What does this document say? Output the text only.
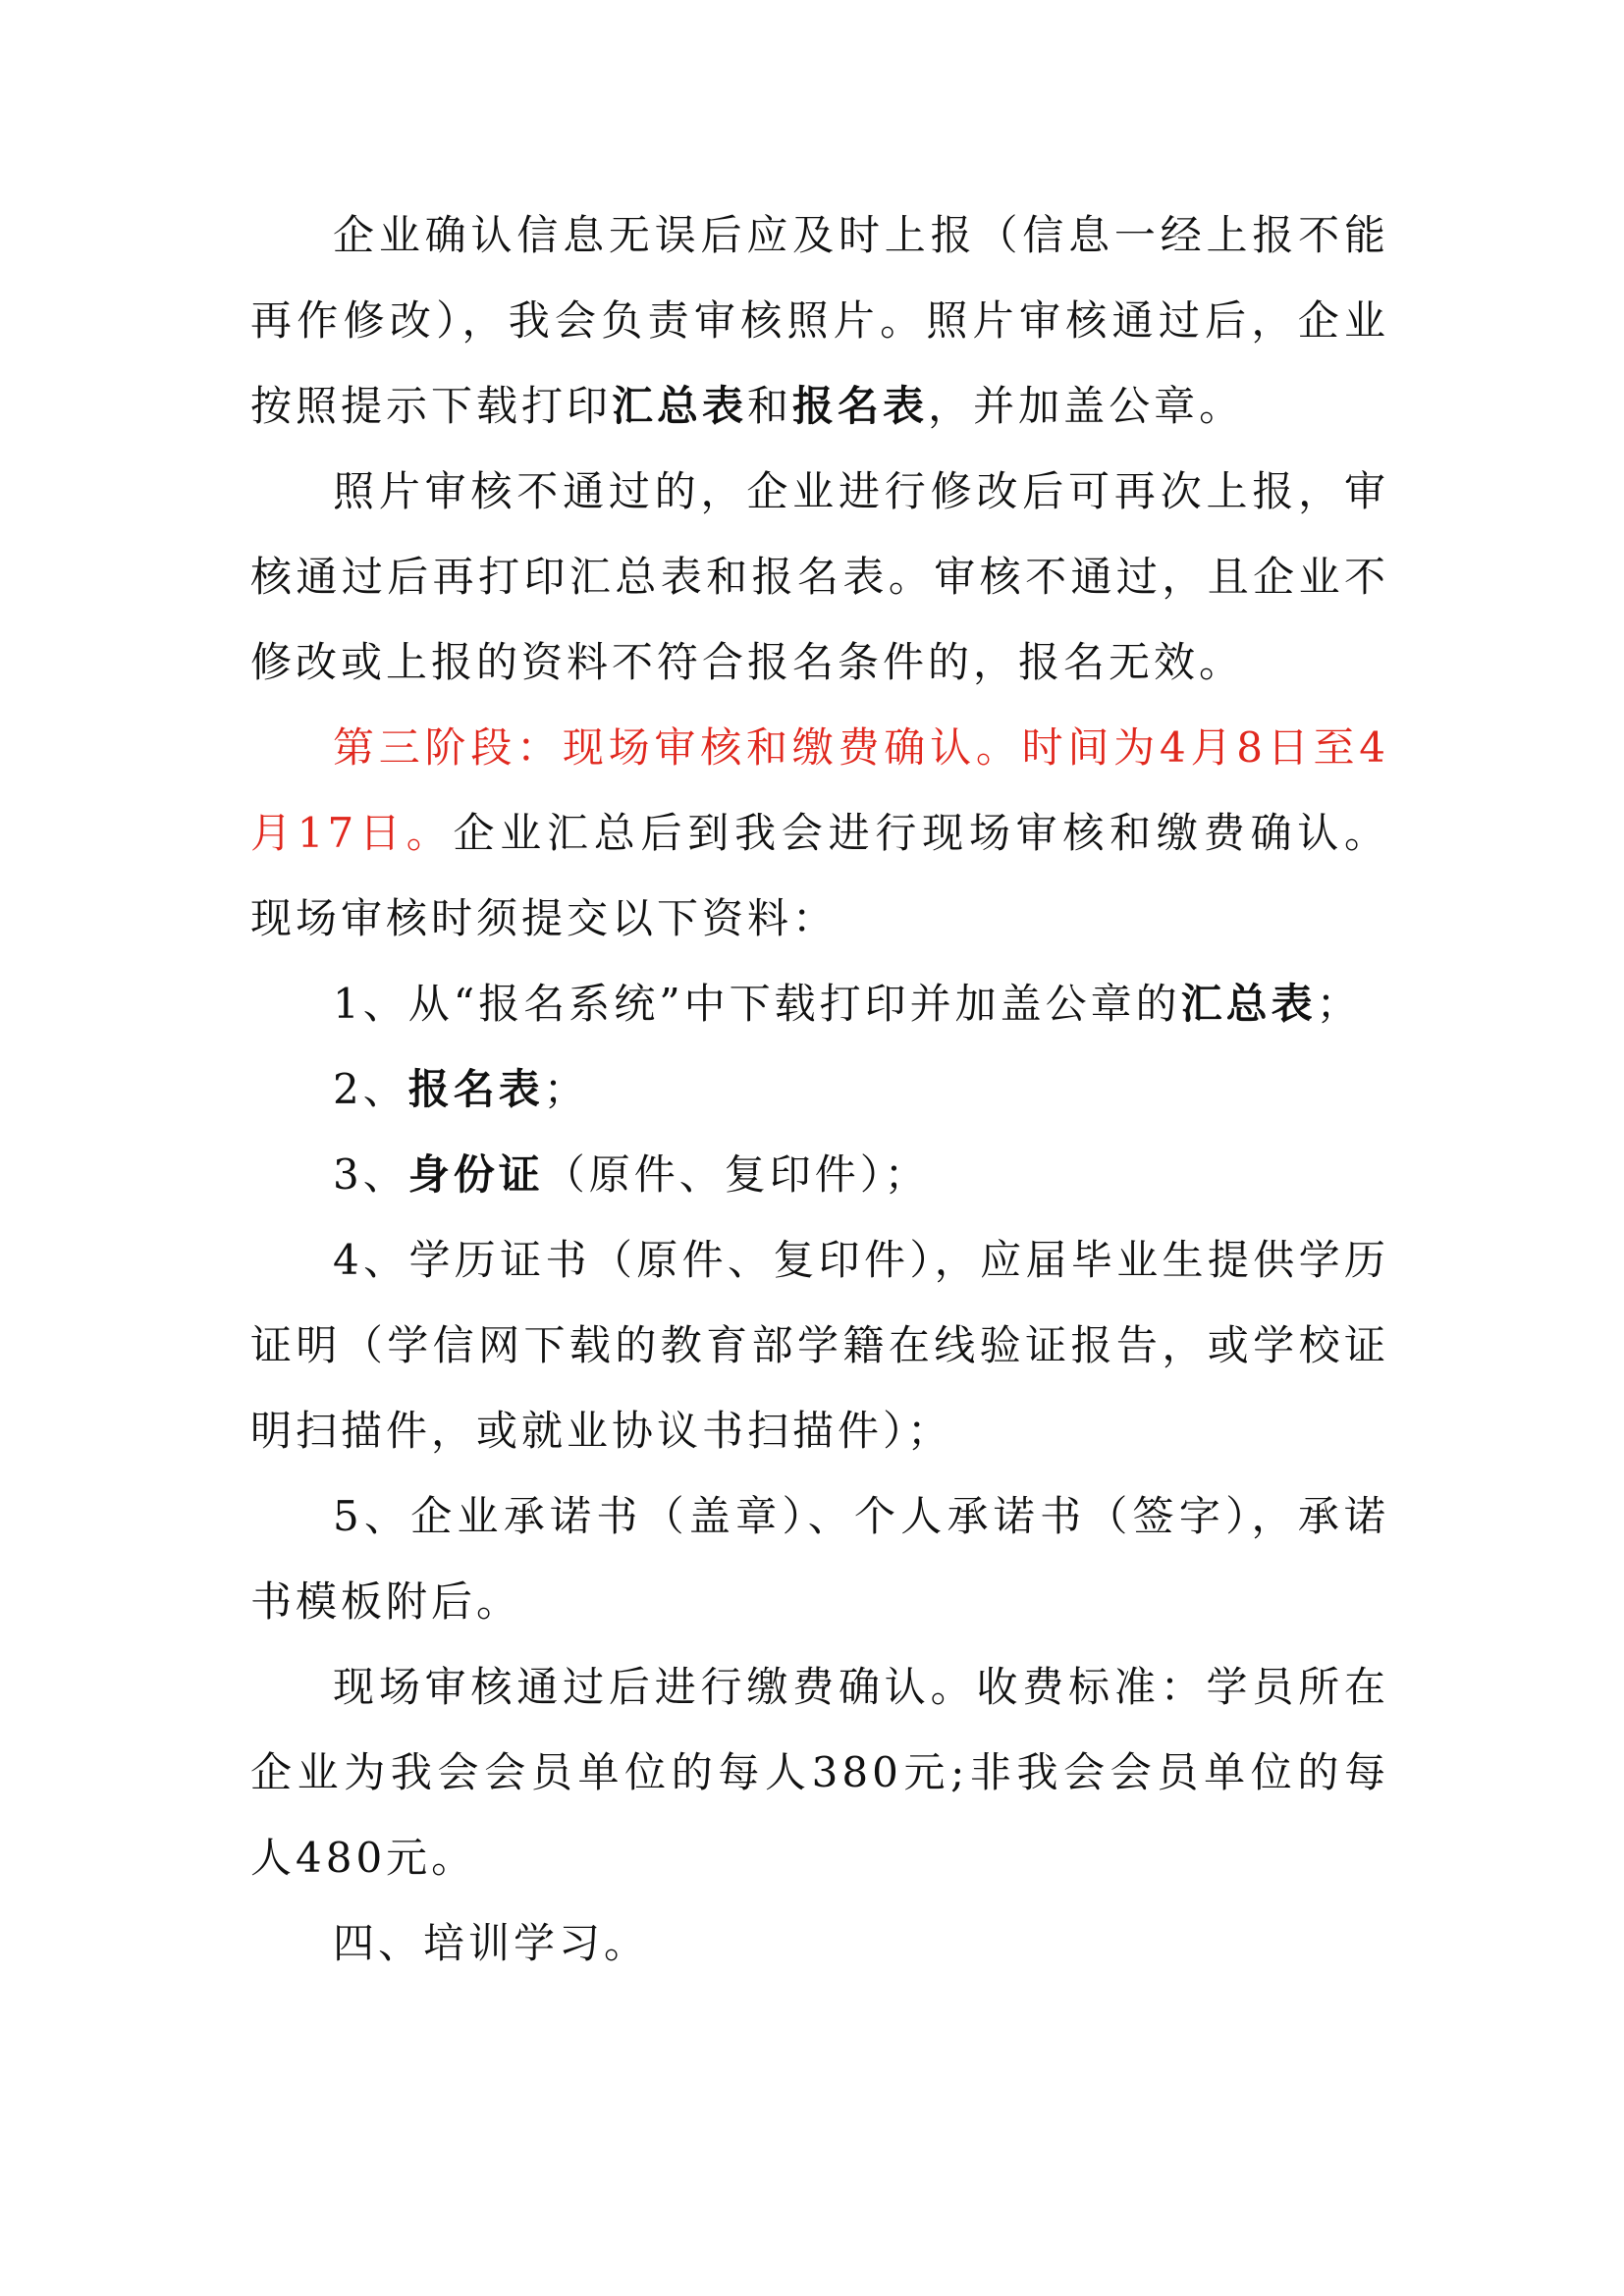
企业确认信息无误后应及时上报（信息一经上报不能再作修改），我会负责审核照片。照片审核通过后，企业按照提示下载打印汇总表和报名表，并加盖公章。

照片审核不通过的，企业进行修改后可再次上报，审核通过后再打印汇总表和报名表。审核不通过，且企业不修改或上报的资料不符合报名条件的，报名无效。

第三阶段：现场审核和缴费确认。时间为4月8日至4月17日。企业汇总后到我会进行现场审核和缴费确认。现场审核时须提交以下资料：

1、从“报名系统”中下载打印并加盖公章的汇总表；

2、报名表；

3、身份证（原件、复印件）；

4、学历证书（原件、复印件），应届毕业生提供学历证明（学信网下载的教育部学籍在线验证报告，或学校证明扫描件，或就业协议书扫描件）；

5、企业承诺书（盖章）、个人承诺书（签字），承诺书模板附后。

现场审核通过后进行缴费确认。收费标准：学员所在企业为我会会员单位的每人380元;非我会会员单位的每人480元。

四、培训学习。
